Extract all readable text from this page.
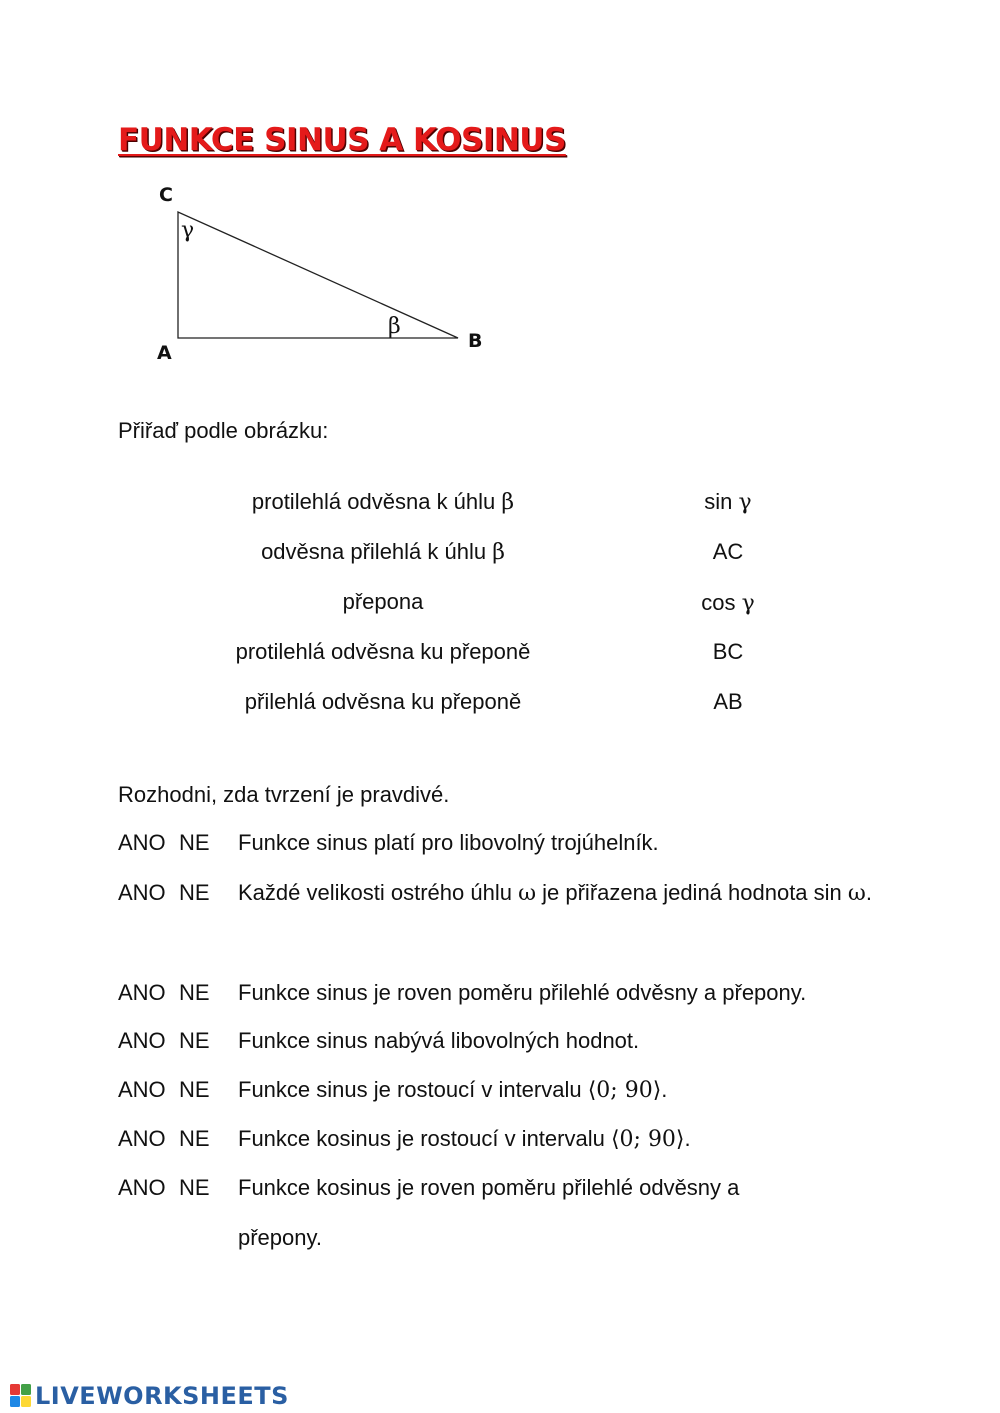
FUNKCE SINUS A KOSINUS
C
A
B
γ
β
Přiřaď podle obrázku:
protilehlá odvěsna k úhlu β
odvěsna přilehlá k úhlu β
přepona
protilehlá odvěsna ku přeponě
přilehlá odvěsna ku přeponě
sin γ
AC
cos γ
BC
AB
Rozhodni, zda tvrzení je pravdivé.
ANO NE Funkce sinus platí pro libovolný trojúhelník.
ANO NE Každé velikosti ostrého úhlu ω je přiřazena jediná hodnota sin ω.
ANO NE Funkce sinus je roven poměru přilehlé odvěsny a přepony.
ANO NE Funkce sinus nabývá libovolných hodnot.
ANO NE Funkce sinus je rostoucí v intervalu ⟨0; 90⟩.
ANO NE Funkce kosinus je rostoucí v intervalu ⟨0; 90⟩.
ANO NE Funkce kosinus je roven poměru přilehlé odvěsny a přepony.
LIVEWORKSHEETS
